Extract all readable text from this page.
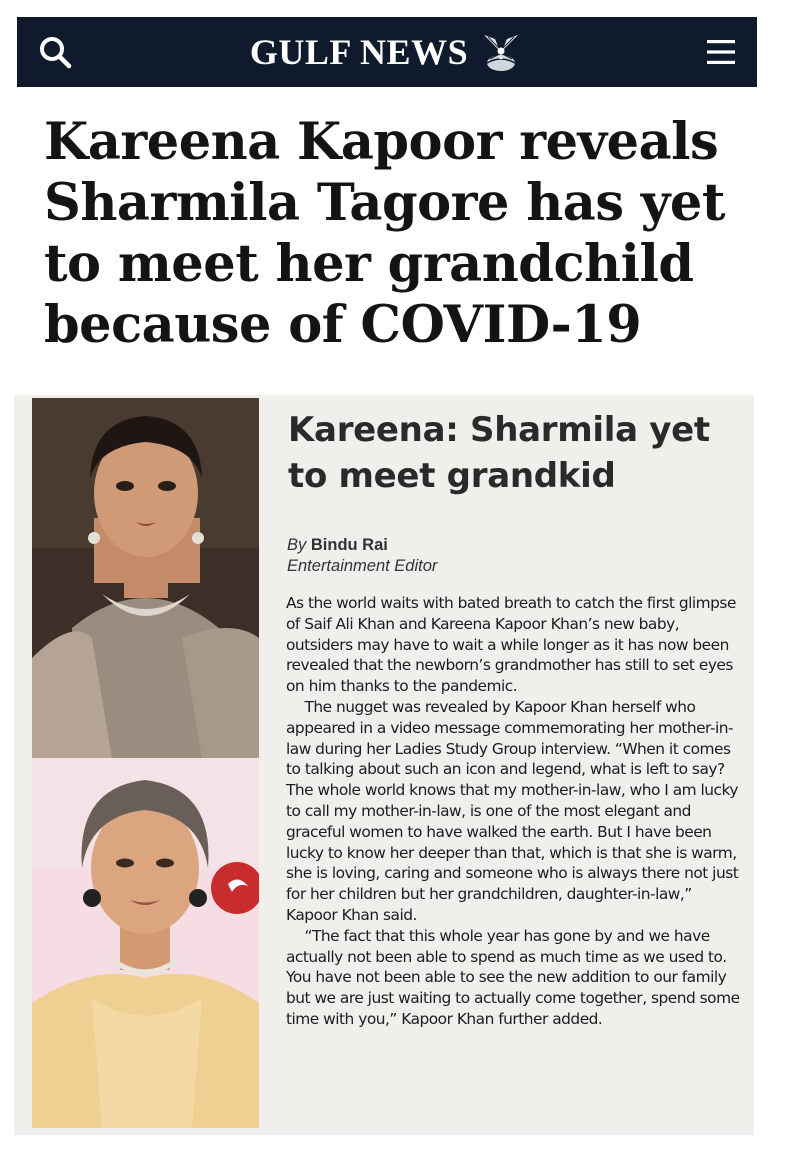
GULF NEWS
Kareena Kapoor reveals Sharmila Tagore has yet to meet her grandchild because of COVID-19
Kareena: Sharmila yet to meet grandkid
By Bindu Rai
Entertainment Editor

As the world waits with bated breath to catch the first glimpse of Saif Ali Khan and Kareena Kapoor Khan’s new baby, outsiders may have to wait a while longer as it has now been revealed that the newborn’s grandmother has still to set eyes on him thanks to the pandemic.

The nugget was revealed by Kapoor Khan herself who appeared in a video message commemorating her mother-in-law during her Ladies Study Group interview. “When it comes to talking about such an icon and legend, what is left to say? The whole world knows that my mother-in-law, who I am lucky to call my mother-in-law, is one of the most elegant and graceful women to have walked the earth. But I have been lucky to know her deeper than that, which is that she is warm, she is loving, caring and someone who is always there not just for her children but her grandchildren, daughter-in-law,” Kapoor Khan said.

“The fact that this whole year has gone by and we have actually not been able to spend as much time as we used to. You have not been able to see the new addition to our family but we are just waiting to actually come together, spend some time with you,” Kapoor Khan further added.
